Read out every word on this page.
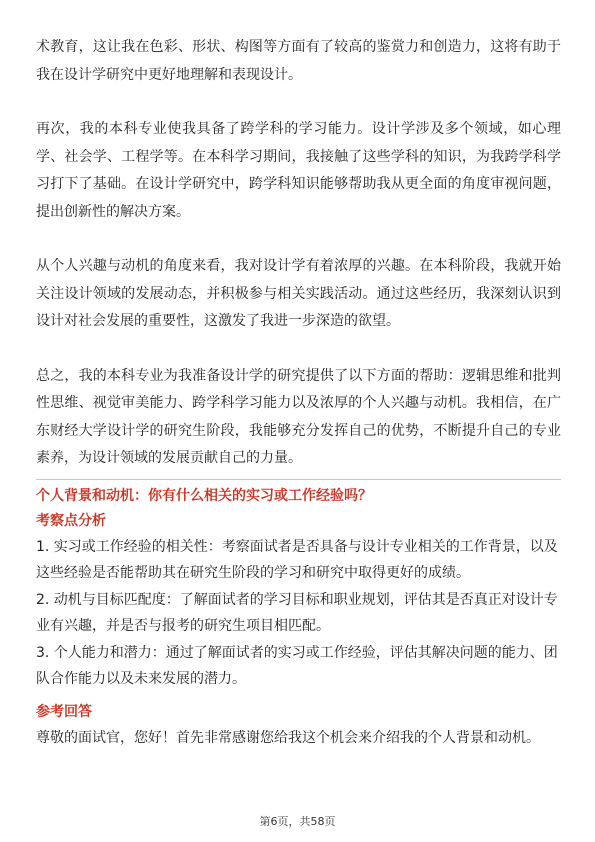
术教育，这让我在色彩、形状、构图等方面有了较高的鉴赏力和创造力，这将有助于我在设计学研究中更好地理解和表现设计。

再次，我的本科专业使我具备了跨学科的学习能力。设计学涉及多个领域，如心理学、社会学、工程学等。在本科学习期间，我接触了这些学科的知识，为我跨学科学习打下了基础。在设计学研究中，跨学科知识能够帮助我从更全面的角度审视问题，提出创新性的解决方案。

从个人兴趣与动机的角度来看，我对设计学有着浓厚的兴趣。在本科阶段，我就开始关注设计领域的发展动态，并积极参与相关实践活动。通过这些经历，我深刻认识到设计对社会发展的重要性，这激发了我进一步深造的欲望。

总之，我的本科专业为我准备设计学的研究提供了以下方面的帮助：逻辑思维和批判性思维、视觉审美能力、跨学科学习能力以及浓厚的个人兴趣与动机。我相信，在广东财经大学设计学的研究生阶段，我能够充分发挥自己的优势，不断提升自己的专业素养，为设计领域的发展贡献自己的力量。

个人背景和动机：你有什么相关的实习或工作经验吗？

考察点分析

1. 实习或工作经验的相关性：考察面试者是否具备与设计专业相关的工作背景，以及这些经验是否能帮助其在研究生阶段的学习和研究中取得更好的成绩。
2. 动机与目标匹配度：了解面试者的学习目标和职业规划，评估其是否真正对设计专业有兴趣，并是否与报考的研究生项目相匹配。
3. 个人能力和潜力：通过了解面试者的实习或工作经验，评估其解决问题的能力、团队合作能力以及未来发展的潜力。

参考回答

尊敬的面试官，您好！首先非常感谢您给我这个机会来介绍我的个人背景和动机。

第6页，共58页
